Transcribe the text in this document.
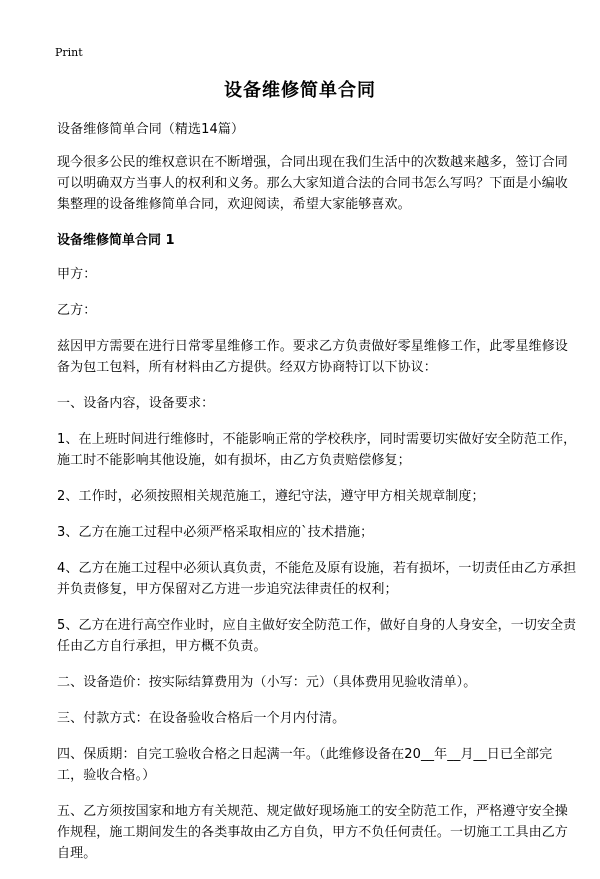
Print
设备维修简单合同

设备维修简单合同（精选14篇）

现今很多公民的维权意识在不断增强，合同出现在我们生活中的次数越来越多，签订合同可以明确双方当事人的权利和义务。那么大家知道合法的合同书怎么写吗？下面是小编收集整理的设备维修简单合同，欢迎阅读，希望大家能够喜欢。

设备维修简单合同 1

甲方：

乙方：

兹因甲方需要在进行日常零星维修工作。要求乙方负责做好零星维修工作，此零星维修设备为包工包料，所有材料由乙方提供。经双方协商特订以下协议：

一、设备内容，设备要求：

1、在上班时间进行维修时，不能影响正常的学校秩序，同时需要切实做好安全防范工作，施工时不能影响其他设施，如有损坏，由乙方负责赔偿修复；

2、工作时，必须按照相关规范施工，遵纪守法，遵守甲方相关规章制度；

3、乙方在施工过程中必须严格采取相应的`技术措施；

4、乙方在施工过程中必须认真负责，不能危及原有设施，若有损坏，一切责任由乙方承担并负责修复，甲方保留对乙方进一步追究法律责任的权利；

5、乙方在进行高空作业时，应自主做好安全防范工作，做好自身的人身安全，一切安全责任由乙方自行承担，甲方概不负责。

二、设备造价：按实际结算费用为（小写：元）（具体费用见验收清单）。

三、付款方式：在设备验收合格后一个月内付清。

四、保质期：自完工验收合格之日起满一年。（此维修设备在20__年__月__日已全部完工，验收合格。）

五、乙方须按国家和地方有关规范、规定做好现场施工的安全防范工作，严格遵守安全操作规程，施工期间发生的各类事故由乙方自负，甲方不负任何责任。一切施工工具由乙方自理。
